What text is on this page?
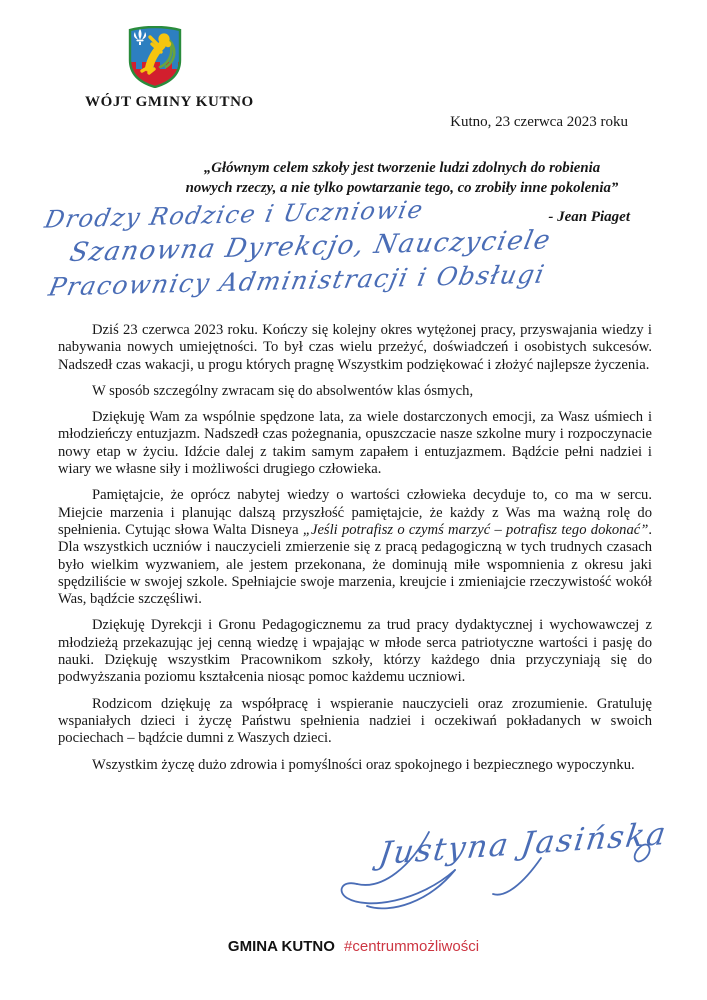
WÓJT GMINY KUTNO
Kutno, 23 czerwca 2023 roku
„Głównym celem szkoły jest tworzenie ludzi zdolnych do robienia
nowych rzeczy, a nie tylko powtarzanie tego, co zrobiły inne pokolenia”
- Jean Piaget
Drodzy Rodzice i Uczniowie
Szanowna Dyrekcjo, Nauczyciele
Pracownicy Administracji i Obsługi

Dziś 23 czerwca 2023 roku. Kończy się kolejny okres wytężonej pracy, przyswajania wiedzy i nabywania nowych umiejętności. To był czas wielu przeżyć, doświadczeń i osobistych sukcesów. Nadszedł czas wakacji, u progu których pragnę Wszystkim podziękować i złożyć najlepsze życzenia.

W sposób szczególny zwracam się do absolwentów klas ósmych,

Dziękuję Wam za wspólnie spędzone lata, za wiele dostarczonych emocji, za Wasz uśmiech i młodzieńczy entuzjazm. Nadszedł czas pożegnania, opuszczacie nasze szkolne mury i rozpoczynacie nowy etap w życiu. Idźcie dalej z takim samym zapałem i entuzjazmem. Bądźcie pełni nadziei i wiary we własne siły i możliwości drugiego człowieka.

Pamiętajcie, że oprócz nabytej wiedzy o wartości człowieka decyduje to, co ma w sercu. Miejcie marzenia i planując dalszą przyszłość pamiętajcie, że każdy z Was ma ważną rolę do spełnienia. Cytując słowa Walta Disneya „Jeśli potrafisz o czymś marzyć – potrafisz tego dokonać”. Dla wszystkich uczniów i nauczycieli zmierzenie się z pracą pedagogiczną w tych trudnych czasach było wielkim wyzwaniem, ale jestem przekonana, że dominują miłe wspomnienia z okresu jaki spędziliście w swojej szkole. Spełniajcie swoje marzenia, kreujcie i zmieniajcie rzeczywistość wokół Was, bądźcie szczęśliwi.

Dziękuję Dyrekcji i Gronu Pedagogicznemu za trud pracy dydaktycznej i wychowawczej z młodzieżą przekazując jej cenną wiedzę i wpajając w młode serca patriotyczne wartości i pasję do nauki. Dziękuję wszystkim Pracownikom szkoły, którzy każdego dnia przyczyniają się do podwyższania poziomu kształcenia niosąc pomoc każdemu uczniowi.

Rodzicom dziękuję za współpracę i wspieranie nauczycieli oraz zrozumienie. Gratuluję wspaniałych dzieci i życzę Państwu spełnienia nadziei i oczekiwań pokładanych w swoich pociechach – bądźcie dumni z Waszych dzieci.

Wszystkim życzę dużo zdrowia i pomyślności oraz spokojnego i bezpiecznego wypoczynku.

Justyna Jasińska
GMINA KUTNO #centrummożliwości
